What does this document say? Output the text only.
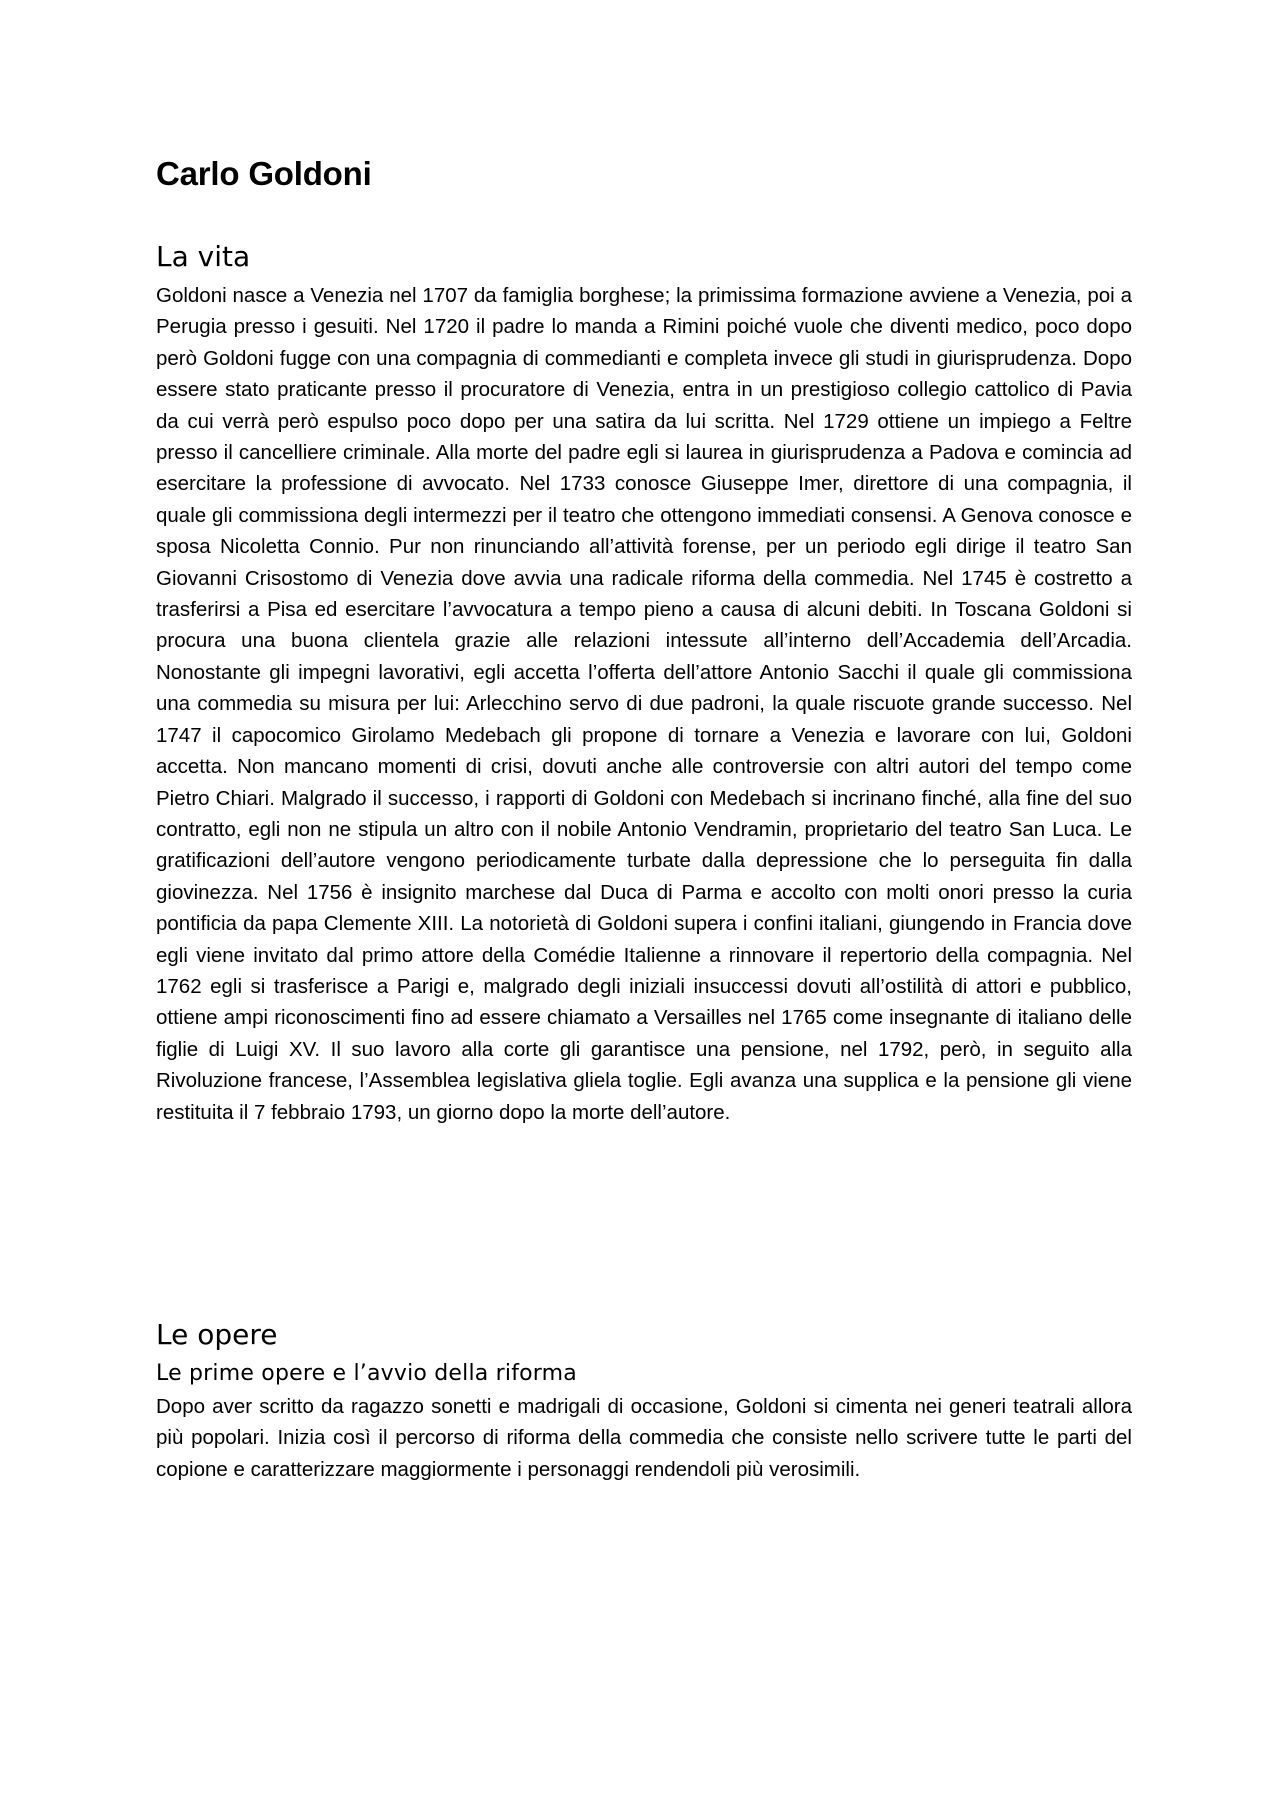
Carlo Goldoni
La vita

Goldoni nasce a Venezia nel 1707 da famiglia borghese; la primissima formazione avviene a Venezia, poi a Perugia presso i gesuiti. Nel 1720 il padre lo manda a Rimini poiché vuole che diventi medico, poco dopo però Goldoni fugge con una compagnia di commedianti e completa invece gli studi in giurisprudenza. Dopo essere stato praticante presso il procuratore di Venezia, entra in un prestigioso collegio cattolico di Pavia da cui verrà però espulso poco dopo per una satira da lui scritta. Nel 1729 ottiene un impiego a Feltre presso il cancelliere criminale. Alla morte del padre egli si laurea in giurisprudenza a Padova e comincia ad esercitare la professione di avvocato. Nel 1733 conosce Giuseppe Imer, direttore di una compagnia, il quale gli commissiona degli intermezzi per il teatro che ottengono immediati consensi. A Genova conosce e sposa Nicoletta Connio. Pur non rinunciando all’attività forense, per un periodo egli dirige il teatro San Giovanni Crisostomo di Venezia dove avvia una radicale riforma della commedia. Nel 1745 è costretto a trasferirsi a Pisa ed esercitare l’avvocatura a tempo pieno a causa di alcuni debiti. In Toscana Goldoni si procura una buona clientela grazie alle relazioni intessute all’interno dell’Accademia dell’Arcadia. Nonostante gli impegni lavorativi, egli accetta l’offerta dell’attore Antonio Sacchi il quale gli commissiona una commedia su misura per lui: Arlecchino servo di due padroni, la quale riscuote grande successo. Nel 1747 il capocomico Girolamo Medebach gli propone di tornare a Venezia e lavorare con lui, Goldoni accetta. Non mancano momenti di crisi, dovuti anche alle controversie con altri autori del tempo come Pietro Chiari. Malgrado il successo, i rapporti di Goldoni con Medebach si incrinano finché, alla fine del suo contratto, egli non ne stipula un altro con il nobile Antonio Vendramin, proprietario del teatro San Luca. Le gratificazioni dell’autore vengono periodicamente turbate dalla depressione che lo perseguita fin dalla giovinezza. Nel 1756 è insignito marchese dal Duca di Parma e accolto con molti onori presso la curia pontificia da papa Clemente XIII. La notorietà di Goldoni supera i confini italiani, giungendo in Francia dove egli viene invitato dal primo attore della Comédie Italienne a rinnovare il repertorio della compagnia. Nel 1762 egli si trasferisce a Parigi e, malgrado degli iniziali insuccessi dovuti all’ostilità di attori e pubblico, ottiene ampi riconoscimenti fino ad essere chiamato a Versailles nel 1765 come insegnante di italiano delle figlie di Luigi XV. Il suo lavoro alla corte gli garantisce una pensione, nel 1792, però, in seguito alla Rivoluzione francese, l’Assemblea legislativa gliela toglie. Egli avanza una supplica e la pensione gli viene restituita il 7 febbraio 1793, un giorno dopo la morte dell’autore.

Le opere
Le prime opere e l’avvio della riforma

Dopo aver scritto da ragazzo sonetti e madrigali di occasione, Goldoni si cimenta nei generi teatrali allora più popolari. Inizia così il percorso di riforma della commedia che consiste nello scrivere tutte le parti del copione e caratterizzare maggiormente i personaggi rendendoli più verosimili.
